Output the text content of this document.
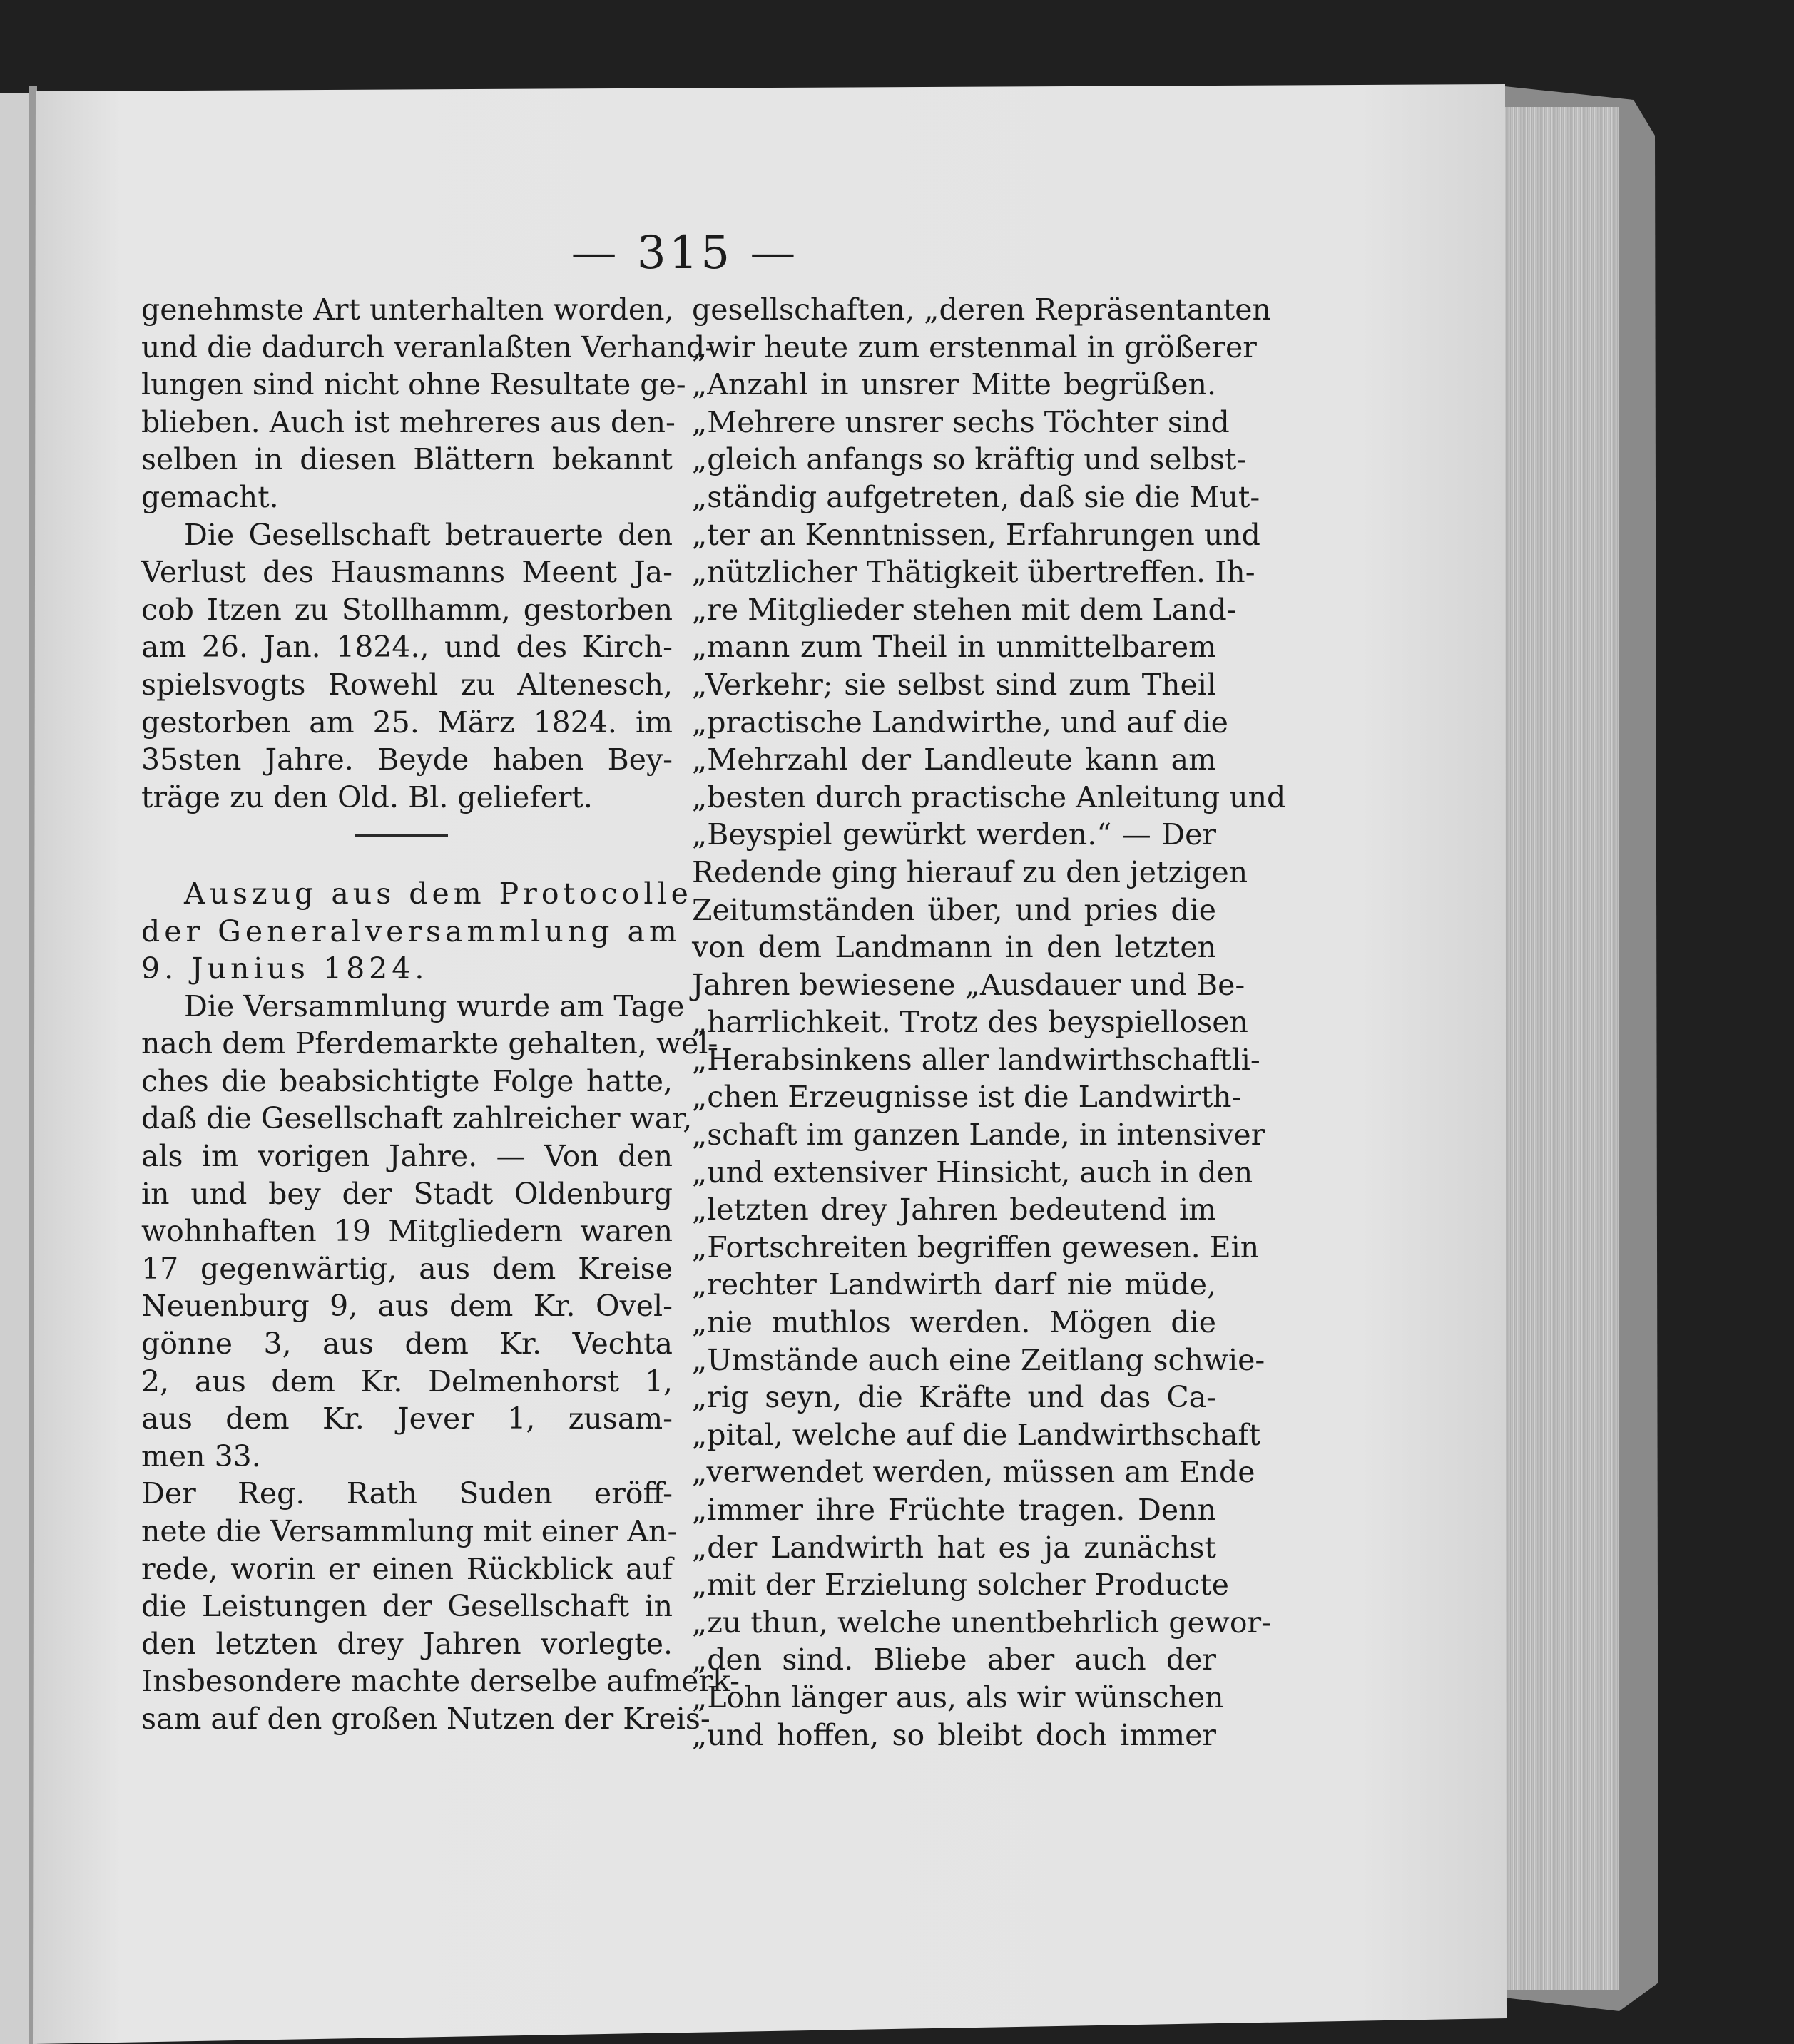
— 315 —
genehmste Art unterhalten worden,
und die dadurch veranlaßten Verhand-
lungen sind nicht ohne Resultate ge-
blieben. Auch ist mehreres aus den-
selben in diesen Blättern bekannt
gemacht.
Die Gesellschaft betrauerte den
Verlust des Hausmanns Meent Ja-
cob Itzen zu Stollhamm, gestorben
am 26. Jan. 1824., und des Kirch-
spielsvogts Rowehl zu Altenesch,
gestorben am 25. März 1824. im
35sten Jahre. Beyde haben Bey-
träge zu den Old. Bl. geliefert.
Auszug aus dem Protocolle
der Generalversammlung am
9. Junius 1824.
Die Versammlung wurde am Tage
nach dem Pferdemarkte gehalten, wel-
ches die beabsichtigte Folge hatte,
daß die Gesellschaft zahlreicher war,
als im vorigen Jahre. — Von den
in und bey der Stadt Oldenburg
wohnhaften 19 Mitgliedern waren
17 gegenwärtig, aus dem Kreise
Neuenburg 9, aus dem Kr. Ovel-
gönne 3, aus dem Kr. Vechta
2, aus dem Kr. Delmenhorst 1,
aus dem Kr. Jever 1, zusam-
men 33.
Der Reg. Rath Suden eröff-
nete die Versammlung mit einer An-
rede, worin er einen Rückblick auf
die Leistungen der Gesellschaft in
den letzten drey Jahren vorlegte.
Insbesondere machte derselbe aufmerk-
sam auf den großen Nutzen der Kreis-
gesellschaften, „deren Repräsentanten
„wir heute zum erstenmal in größerer
„Anzahl in unsrer Mitte begrüßen.
„Mehrere unsrer sechs Töchter sind
„gleich anfangs so kräftig und selbst-
„ständig aufgetreten, daß sie die Mut-
„ter an Kenntnissen, Erfahrungen und
„nützlicher Thätigkeit übertreffen. Ih-
„re Mitglieder stehen mit dem Land-
„mann zum Theil in unmittelbarem
„Verkehr; sie selbst sind zum Theil
„practische Landwirthe, und auf die
„Mehrzahl der Landleute kann am
„besten durch practische Anleitung und
„Beyspiel gewürkt werden.“ — Der
Redende ging hierauf zu den jetzigen
Zeitumständen über, und pries die
von dem Landmann in den letzten
Jahren bewiesene „Ausdauer und Be-
„harrlichkeit. Trotz des beyspiellosen
„Herabsinkens aller landwirthschaftli-
„chen Erzeugnisse ist die Landwirth-
„schaft im ganzen Lande, in intensiver
„und extensiver Hinsicht, auch in den
„letzten drey Jahren bedeutend im
„Fortschreiten begriffen gewesen. Ein
„rechter Landwirth darf nie müde,
„nie muthlos werden. Mögen die
„Umstände auch eine Zeitlang schwie-
„rig seyn, die Kräfte und das Ca-
„pital, welche auf die Landwirthschaft
„verwendet werden, müssen am Ende
„immer ihre Früchte tragen. Denn
„der Landwirth hat es ja zunächst
„mit der Erzielung solcher Producte
„zu thun, welche unentbehrlich gewor-
„den sind. Bliebe aber auch der
„Lohn länger aus, als wir wünschen
„und hoffen, so bleibt doch immer
